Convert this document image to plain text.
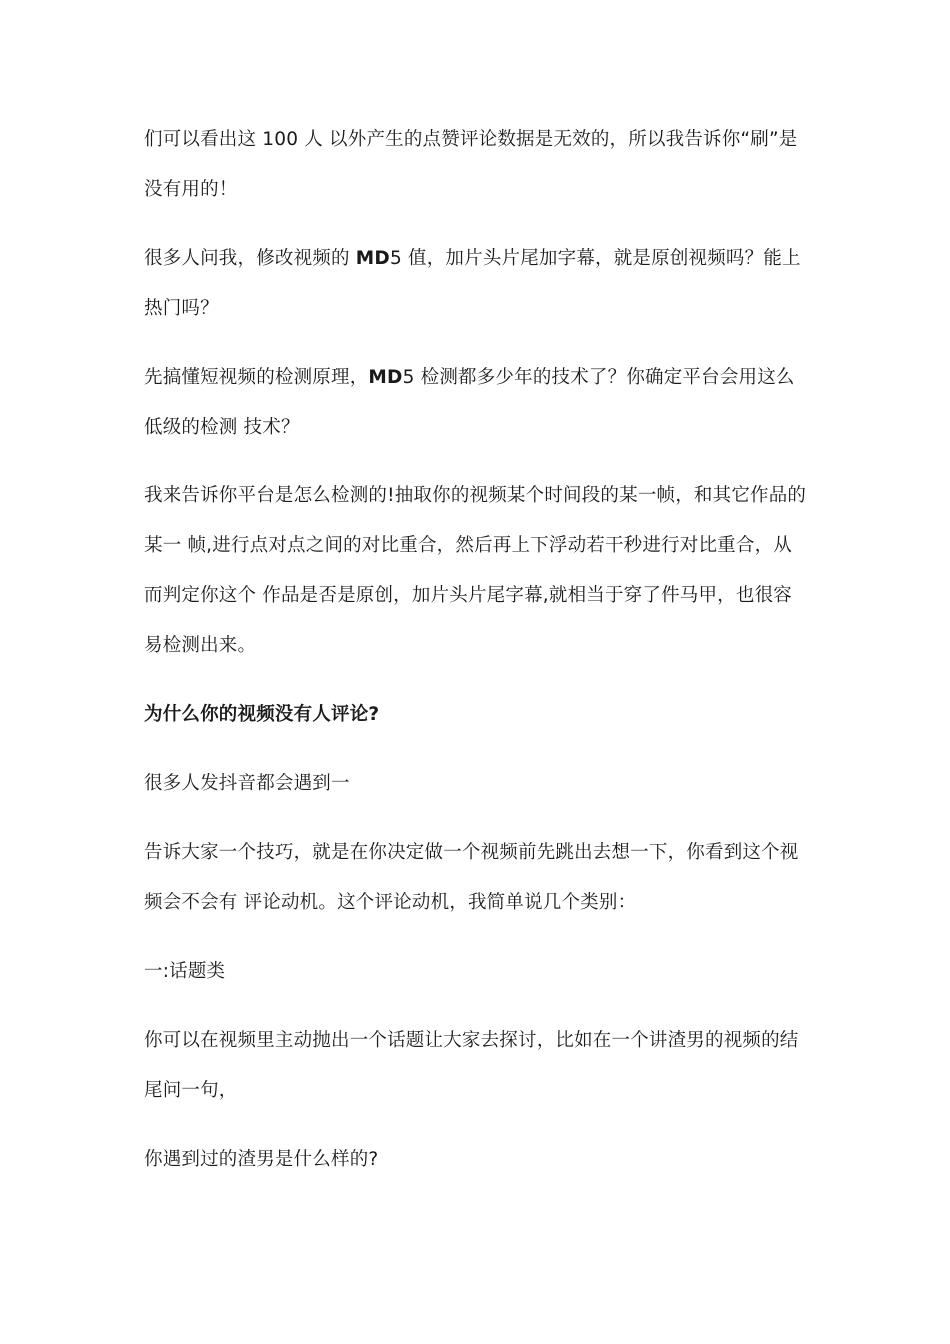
们可以看出这 100 人 以外产生的点赞评论数据是无效的，所以我告诉你“刷”是没有用的！

很多人问我，修改视频的 MD5 值，加片头片尾加字幕，就是原创视频吗？能上热门吗？

先搞懂短视频的检测原理，MD5 检测都多少年的技术了？你确定平台会用这么低级的检测 技术？

我来告诉你平台是怎么检测的!抽取你的视频某个时间段的某一帧，和其它作品的某一 帧,进行点对点之间的对比重合，然后再上下浮动若干秒进行对比重合，从而判定你这个 作品是否是原创，加片头片尾字幕,就相当于穿了件马甲，也很容易检测出来。

为什么你的视频没有人评论?

很多人发抖音都会遇到一

告诉大家一个技巧，就是在你决定做一个视频前先跳出去想一下，你看到这个视频会不会有 评论动机。这个评论动机，我简单说几个类别：

一:话题类

你可以在视频里主动抛出一个话题让大家去探讨，比如在一个讲渣男的视频的结尾问一句，

你遇到过的渣男是什么样的?
